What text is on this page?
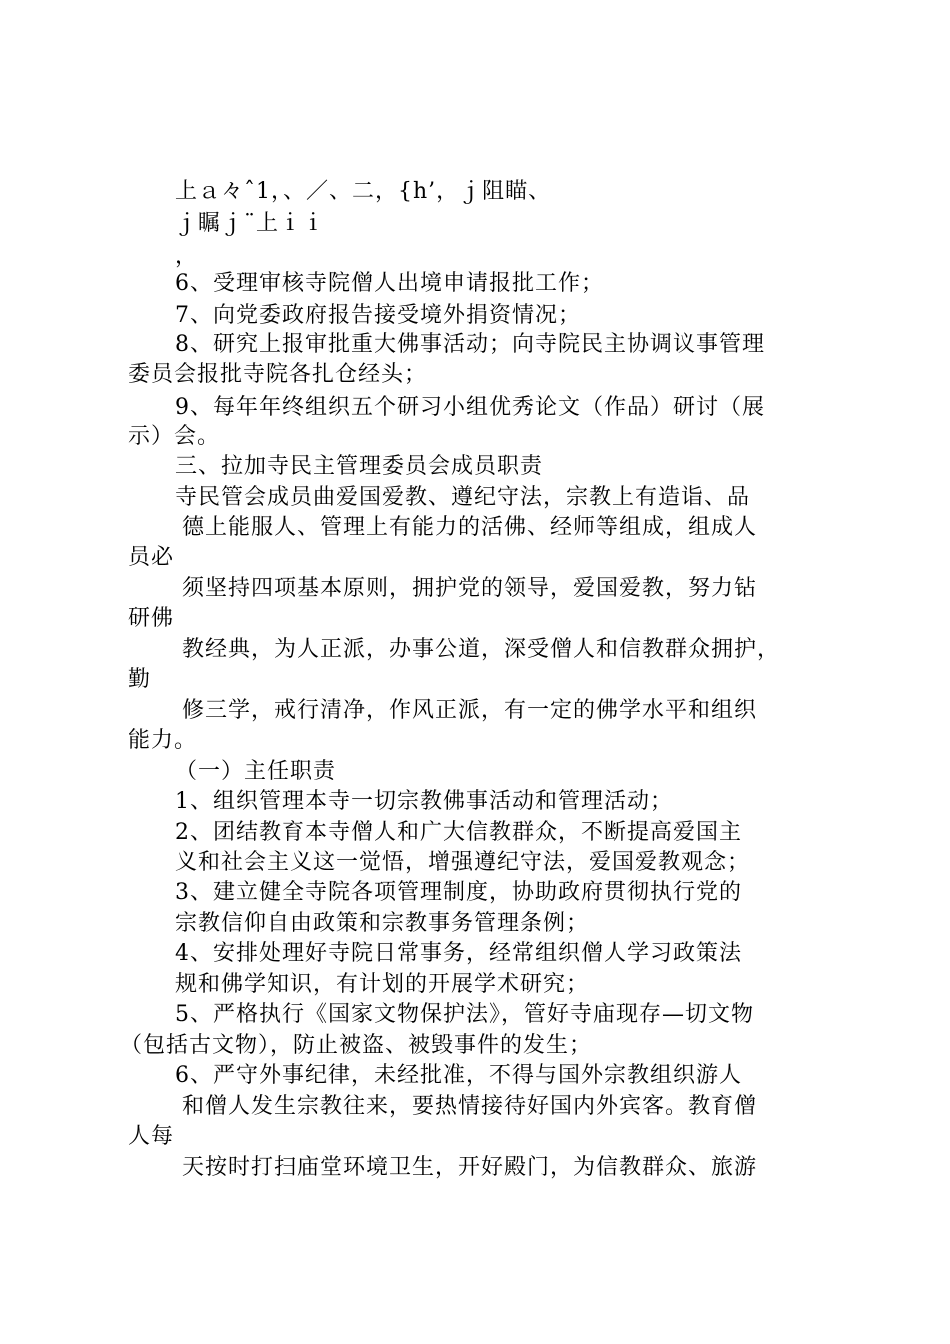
上ａ々ˆ1，、／、二，{h’，ｊ阻瞄、
ｊ瞩ｊ¨上ｉｉ
，
6、受理审核寺院僧人出境申请报批工作；
7、向党委政府报告接受境外捐资情况；
8、研究上报审批重大佛事活动；向寺院民主协调议事管理
委员会报批寺院各扎仓经头；
9、每年年终组织五个研习小组优秀论文（作品）研讨（展
示）会。
三、拉加寺民主管理委员会成员职责
寺民管会成员曲爱国爱教、遵纪守法，宗教上有造诣、品
德上能服人、管理上有能力的活佛、经师等组成，组成人
员必
须坚持四项基本原则，拥护党的领导，爱国爱教，努力钻
研佛
教经典，为人正派，办事公道，深受僧人和信教群众拥护，
勤
修三学，戒行清净，作风正派，有一定的佛学水平和组织
能力。
（一）主任职责
1、组织管理本寺一切宗教佛事活动和管理活动；
2、团结教育本寺僧人和广大信教群众，不断提高爱国主
义和社会主义这一觉悟，增强遵纪守法，爱国爱教观念；
3、建立健全寺院各项管理制度，协助政府贯彻执行党的
宗教信仰自由政策和宗教事务管理条例；
4、安排处理好寺院日常事务，经常组织僧人学习政策法
规和佛学知识，有计划的开展学术研究；
5、严格执行《国家文物保护法》，管好寺庙现存—切文物
（包括古文物），防止被盗、被毁事件的发生；
6、严守外事纪律，未经批准，不得与国外宗教组织游人
和僧人发生宗教往来，要热情接待好国内外宾客。教育僧
人每
天按时打扫庙堂环境卫生，开好殿门，为信教群众、旅游
